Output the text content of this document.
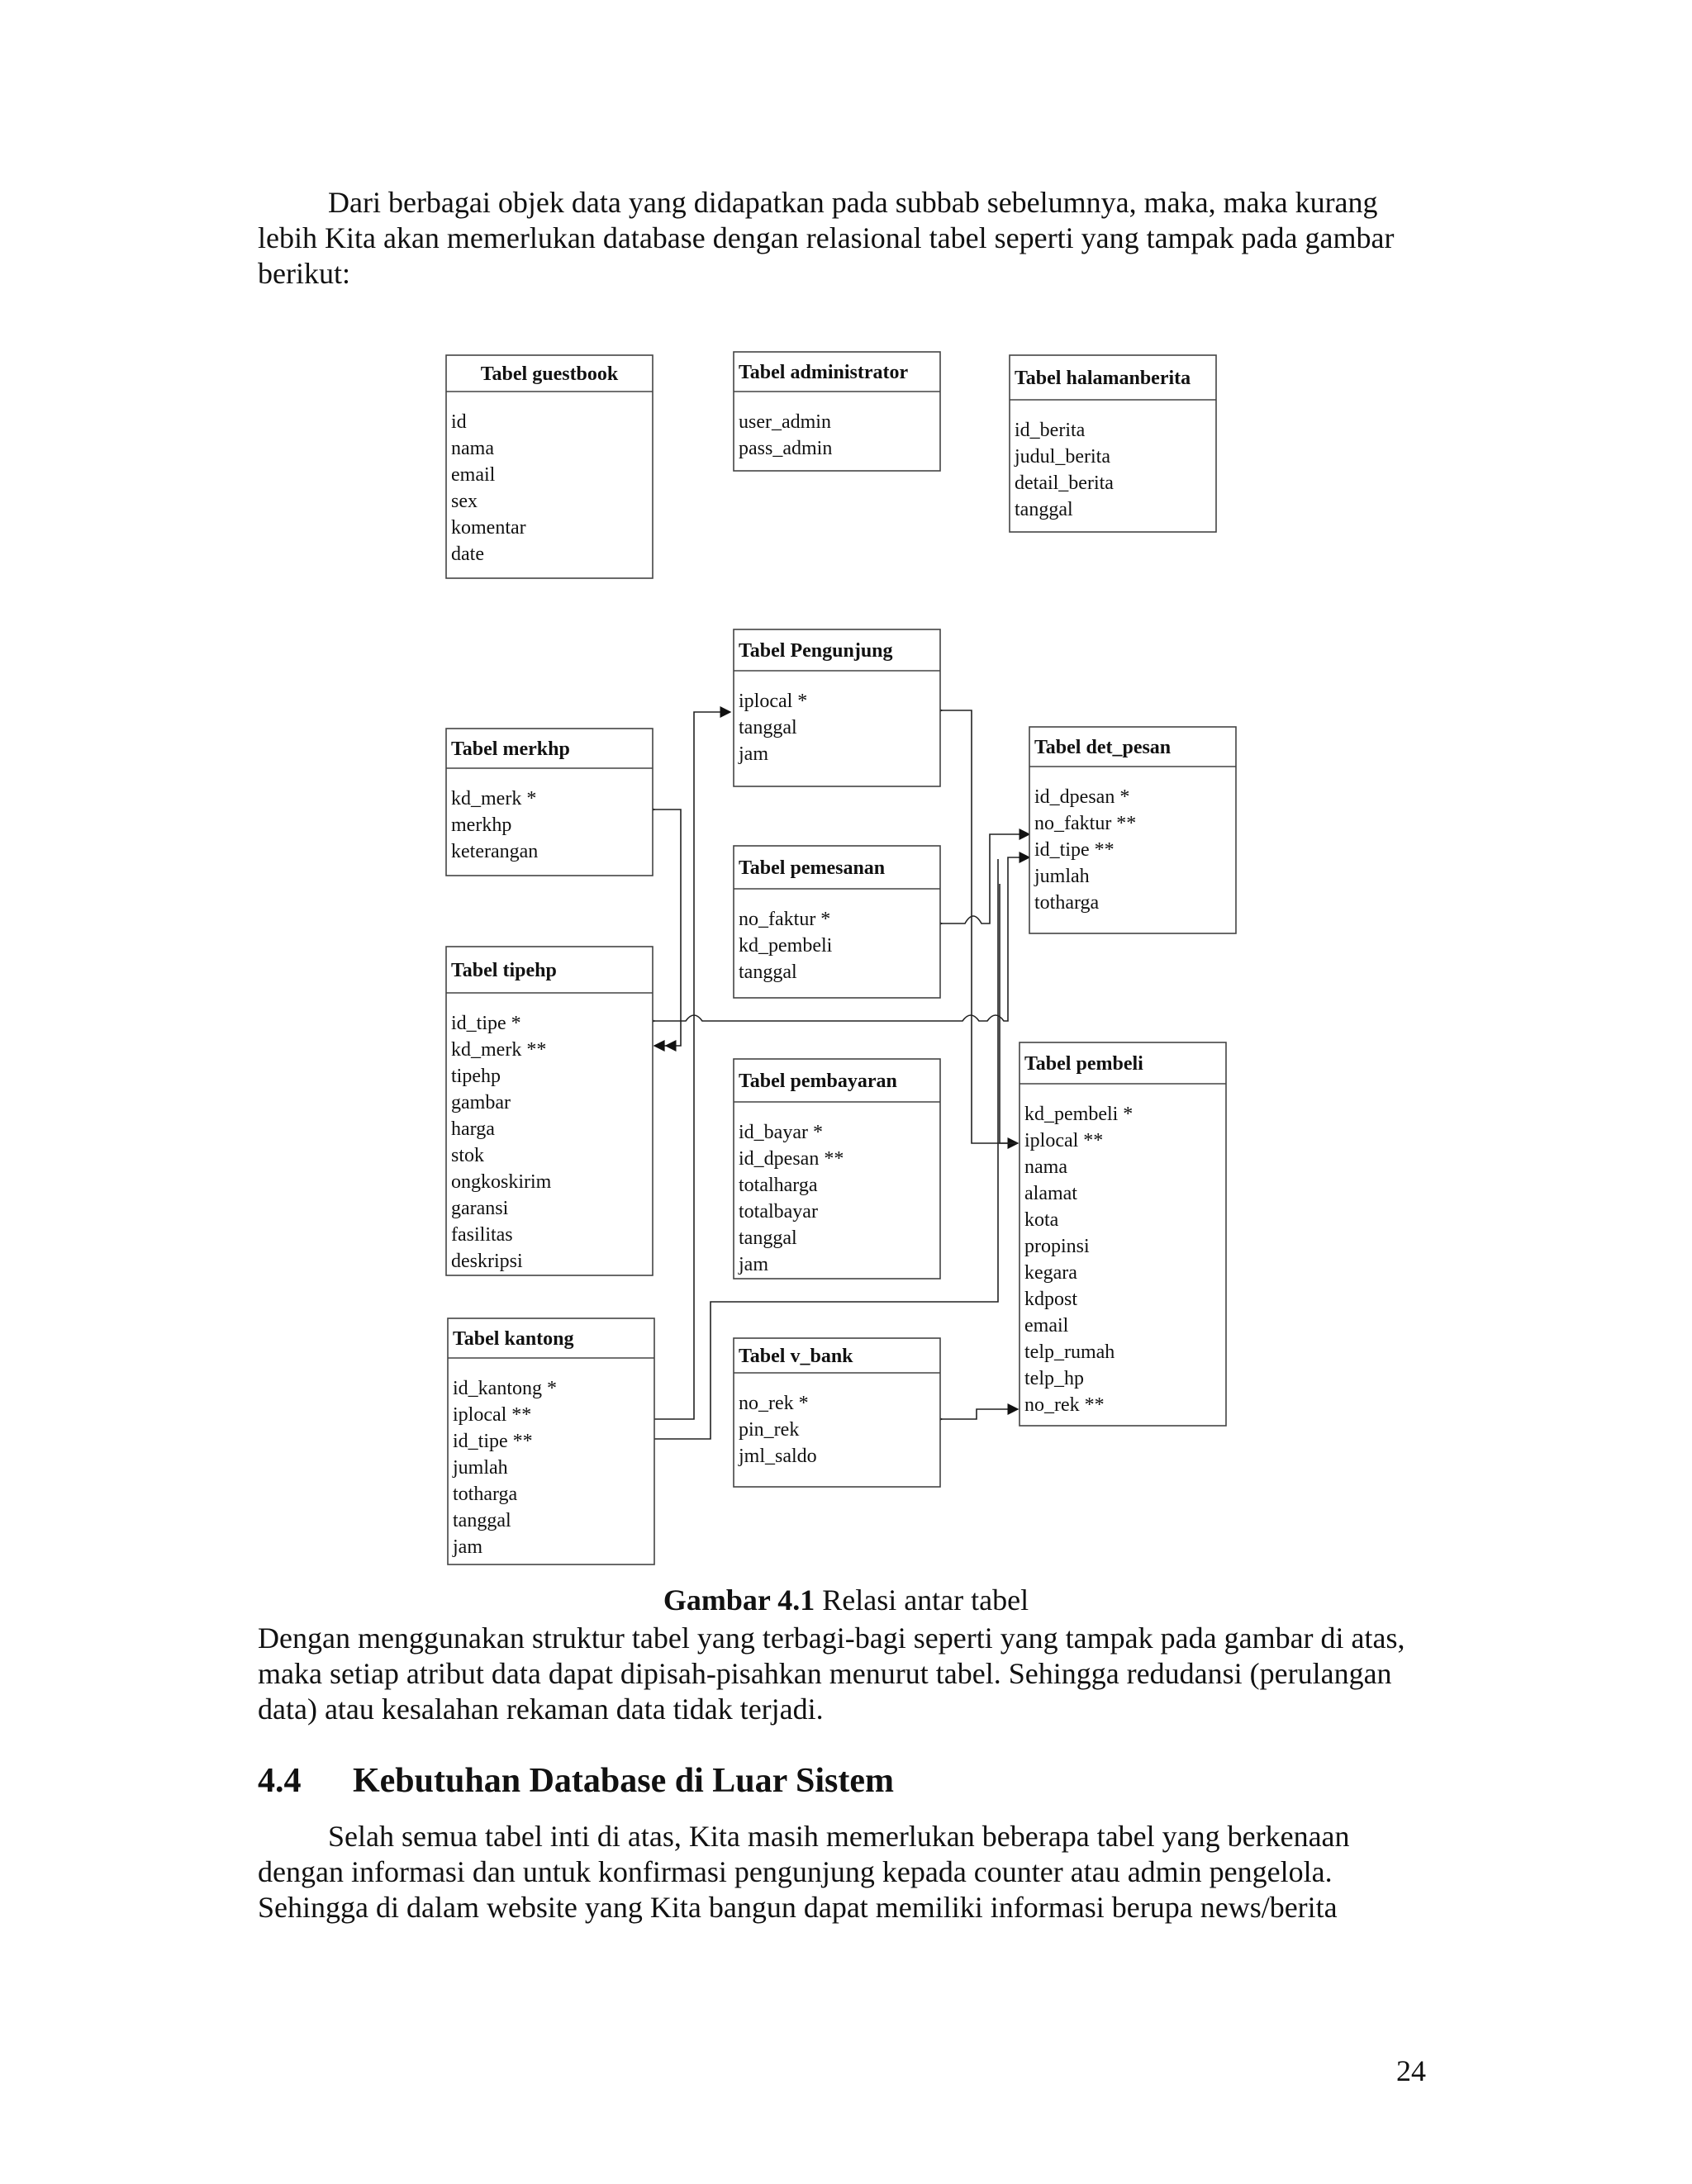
Dari berbagai objek data yang didapatkan pada subbab sebelumnya, maka, maka kurang lebih Kita akan memerlukan database dengan relasional tabel seperti yang tampak pada gambar berikut:

Tabel guestbook
id
nama
email
sex
komentar
date
Tabel administrator
user_admin
pass_admin
Tabel halamanberita
id_berita
judul_berita
detail_berita
tanggal
Tabel Pengunjung
iplocal *
tanggal
jam
Tabel merkhp
kd_merk *
merkhp
keterangan
Tabel det_pesan
id_dpesan *
no_faktur **
id_tipe **
jumlah
totharga
Tabel pemesanan
no_faktur *
kd_pembeli
tanggal
Tabel tipehp
id_tipe *
kd_merk **
tipehp
gambar
harga
stok
ongkoskirim
garansi
fasilitas
deskripsi
Tabel pembayaran
id_bayar *
id_dpesan **
totalharga
totalbayar
tanggal
jam
Tabel pembeli
kd_pembeli *
iplocal **
nama
alamat
kota
propinsi
kegara
kdpost
email
telp_rumah
telp_hp
no_rek **
Tabel kantong
id_kantong *
iplocal **
id_tipe **
jumlah
totharga
tanggal
jam
Tabel v_bank
no_rek *
pin_rek
jml_saldo

Gambar 4.1 Relasi antar tabel

Dengan menggunakan struktur tabel yang terbagi-bagi seperti yang tampak pada gambar di atas, maka setiap atribut data dapat dipisah-pisahkan menurut tabel. Sehingga redudansi (perulangan data) atau kesalahan rekaman data tidak terjadi.

4.4	Kebutuhan Database di Luar Sistem

Selah semua tabel inti di atas, Kita masih memerlukan beberapa tabel yang berkenaan dengan informasi dan untuk konfirmasi pengunjung kepada counter atau admin pengelola. Sehingga di dalam website yang Kita bangun dapat memiliki informasi berupa news/berita

24
